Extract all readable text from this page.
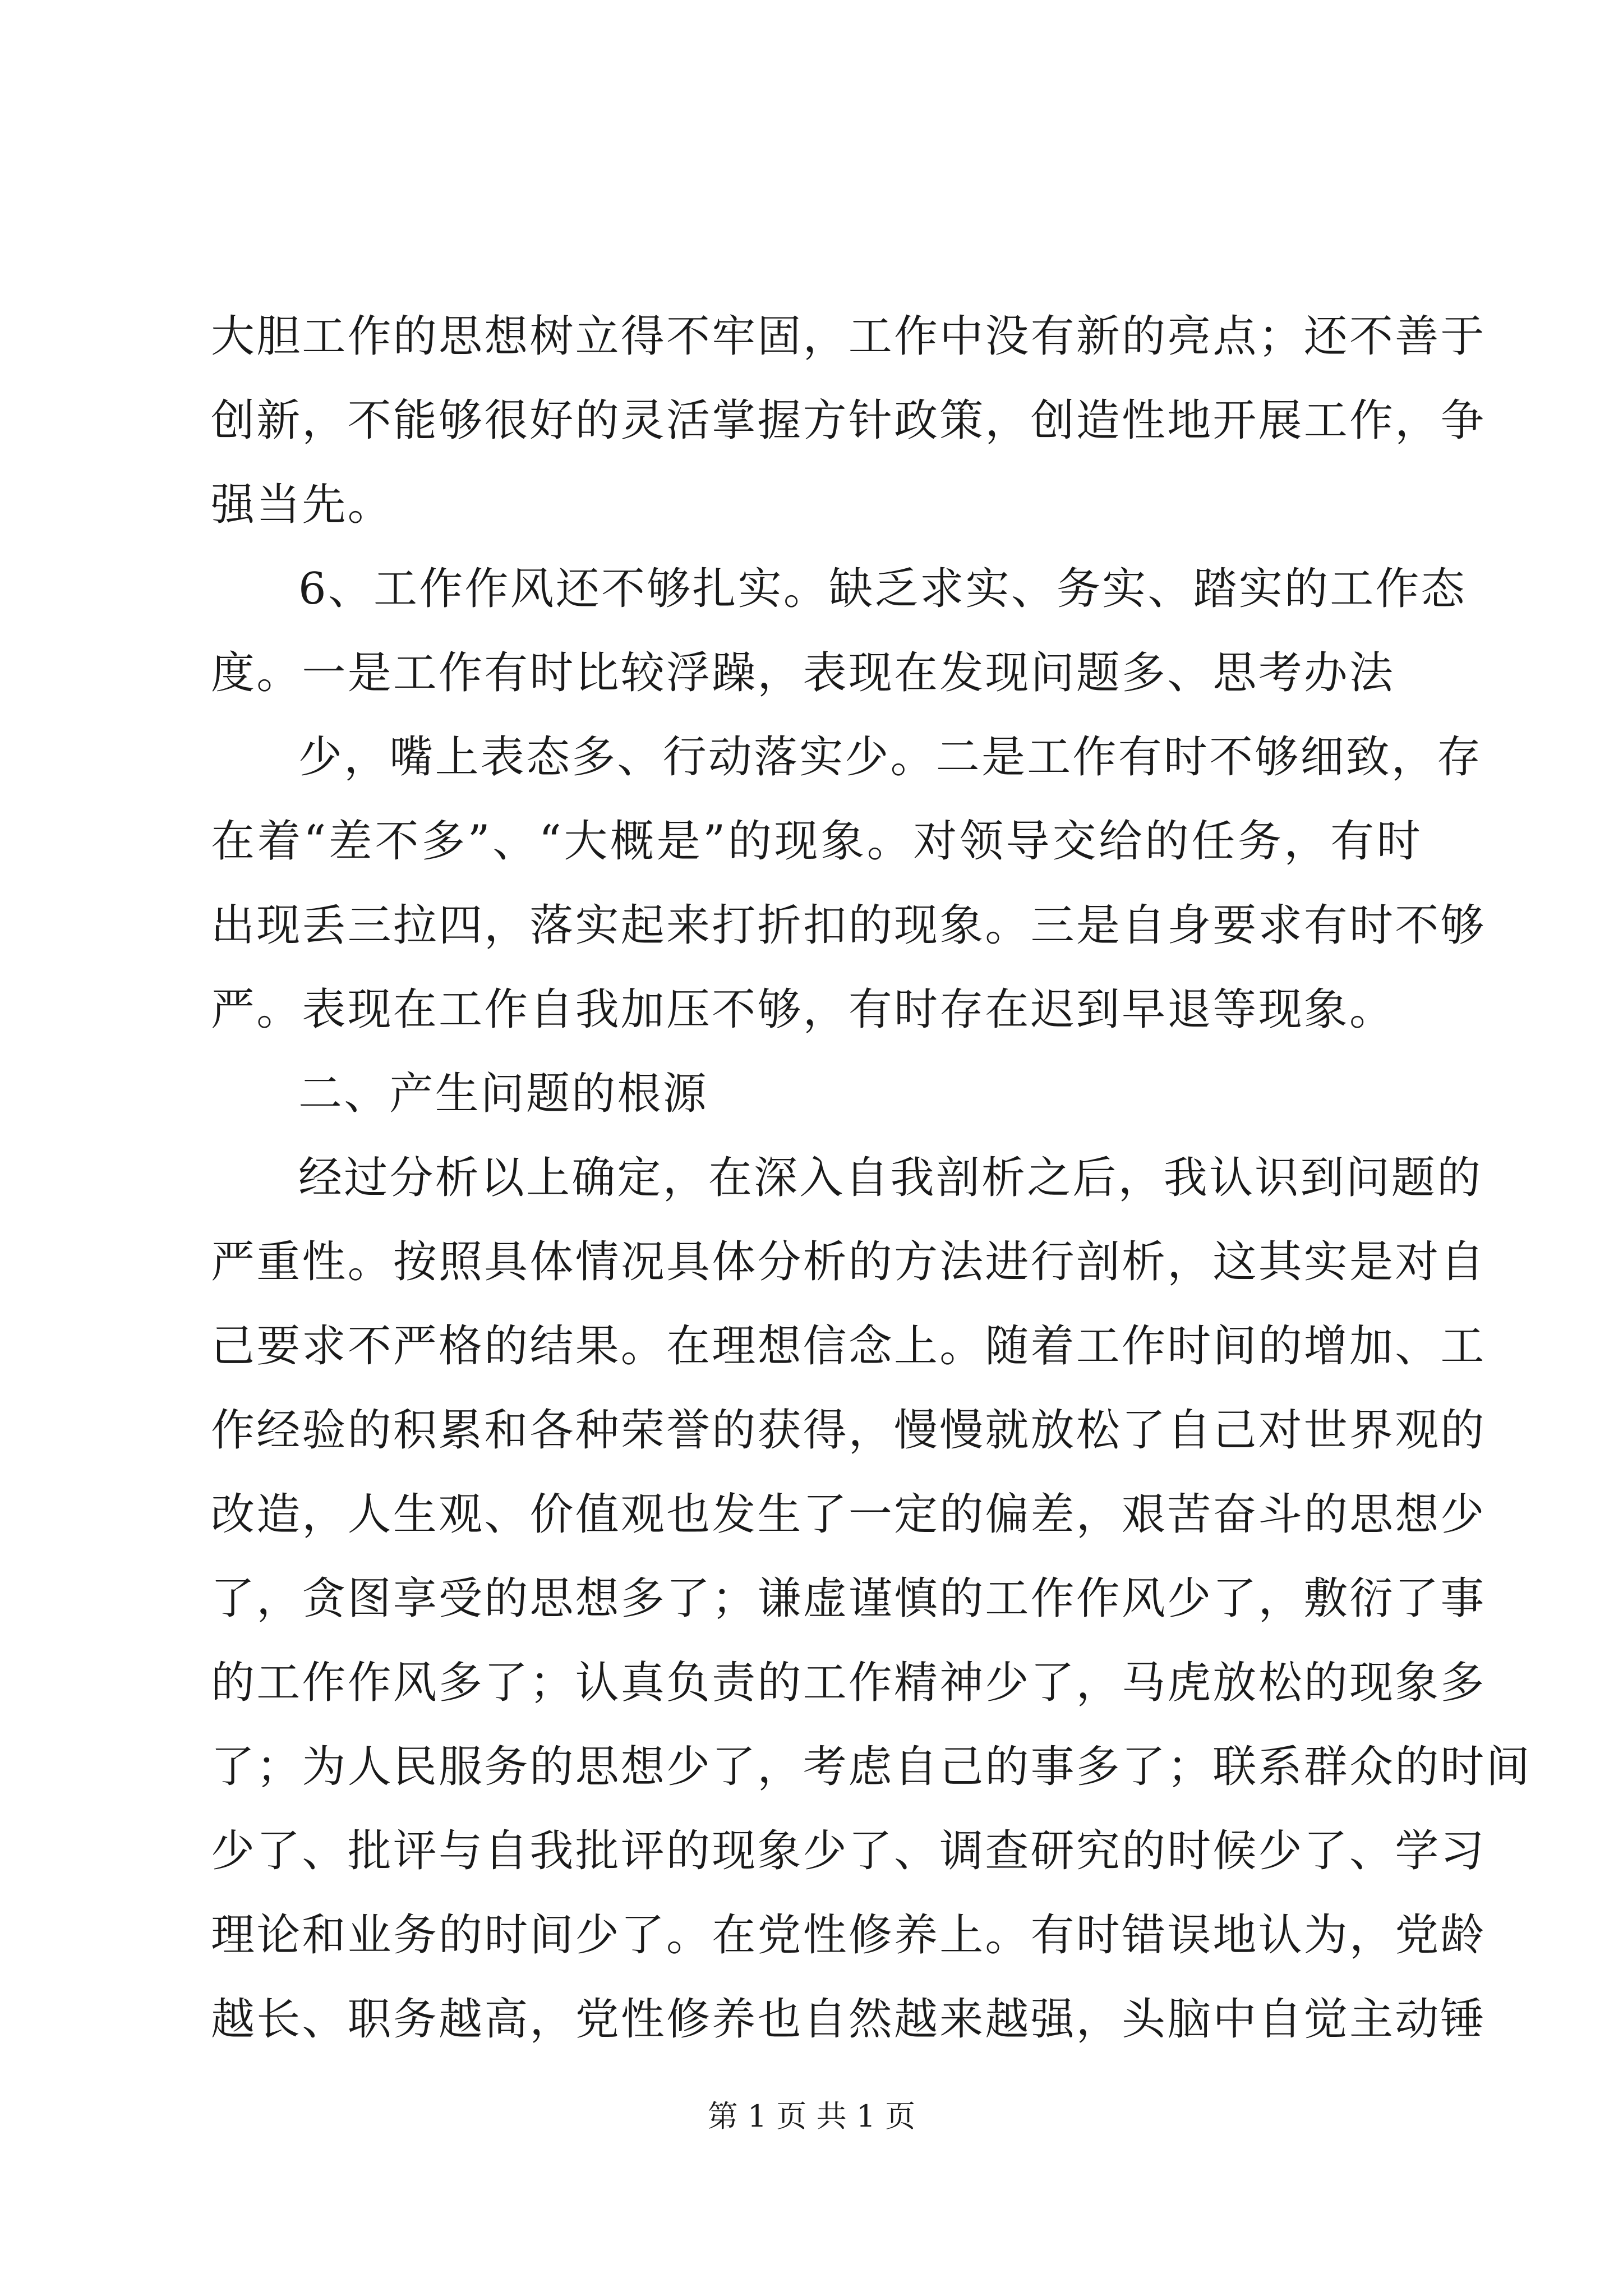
大胆工作的思想树立得不牢固，工作中没有新的亮点；还不善于
创新，不能够很好的灵活掌握方针政策，创造性地开展工作，争
强当先。
6、工作作风还不够扎实。缺乏求实、务实、踏实的工作态
度。一是工作有时比较浮躁，表现在发现问题多、思考办法
少，嘴上表态多、行动落实少。二是工作有时不够细致，存
在着“差不多”、“大概是”的现象。对领导交给的任务，有时
出现丢三拉四，落实起来打折扣的现象。三是自身要求有时不够
严。表现在工作自我加压不够，有时存在迟到早退等现象。
二、产生问题的根源
经过分析以上确定，在深入自我剖析之后，我认识到问题的
严重性。按照具体情况具体分析的方法进行剖析，这其实是对自
己要求不严格的结果。在理想信念上。随着工作时间的增加、工
作经验的积累和各种荣誉的获得，慢慢就放松了自己对世界观的
改造，人生观、价值观也发生了一定的偏差，艰苦奋斗的思想少
了，贪图享受的思想多了；谦虚谨慎的工作作风少了，敷衍了事
的工作作风多了；认真负责的工作精神少了，马虎放松的现象多
了；为人民服务的思想少了，考虑自己的事多了；联系群众的时间
少了、批评与自我批评的现象少了、调查研究的时候少了、学习
理论和业务的时间少了。在党性修养上。有时错误地认为，党龄
越长、职务越高，党性修养也自然越来越强，头脑中自觉主动锤
第 1 页 共 1 页
